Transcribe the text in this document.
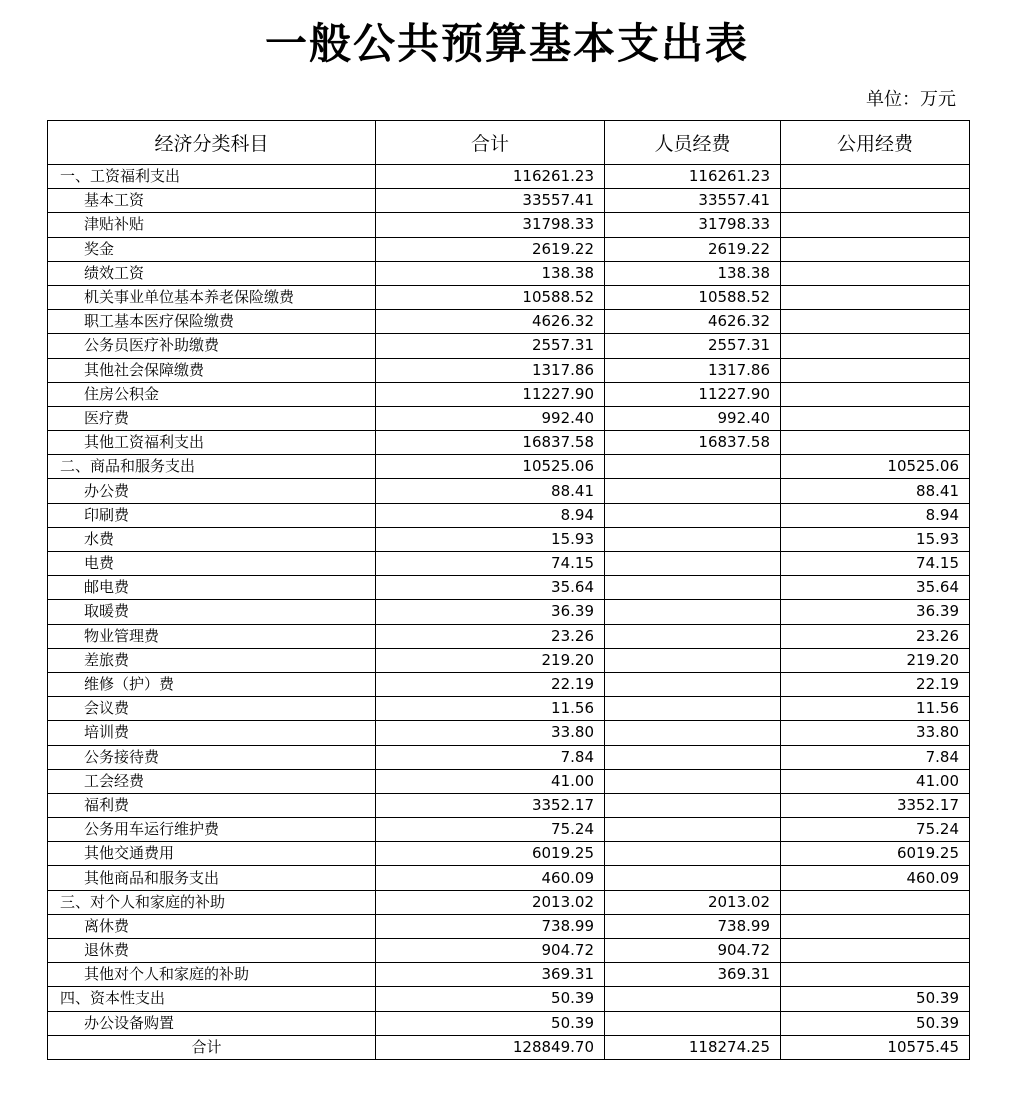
一般公共预算基本支出表
单位：万元
经济分类科目	合计	人员经费	公用经费
一、工资福利支出	116261.23	116261.23	
基本工资	33557.41	33557.41	
津贴补贴	31798.33	31798.33	
奖金	2619.22	2619.22	
绩效工资	138.38	138.38	
机关事业单位基本养老保险缴费	10588.52	10588.52	
职工基本医疗保险缴费	4626.32	4626.32	
公务员医疗补助缴费	2557.31	2557.31	
其他社会保障缴费	1317.86	1317.86	
住房公积金	11227.90	11227.90	
医疗费	992.40	992.40	
其他工资福利支出	16837.58	16837.58	
二、商品和服务支出	10525.06		10525.06
办公费	88.41		88.41
印刷费	8.94		8.94
水费	15.93		15.93
电费	74.15		74.15
邮电费	35.64		35.64
取暖费	36.39		36.39
物业管理费	23.26		23.26
差旅费	219.20		219.20
维修（护）费	22.19		22.19
会议费	11.56		11.56
培训费	33.80		33.80
公务接待费	7.84		7.84
工会经费	41.00		41.00
福利费	3352.17		3352.17
公务用车运行维护费	75.24		75.24
其他交通费用	6019.25		6019.25
其他商品和服务支出	460.09		460.09
三、对个人和家庭的补助	2013.02	2013.02	
离休费	738.99	738.99	
退休费	904.72	904.72	
其他对个人和家庭的补助	369.31	369.31	
四、资本性支出	50.39		50.39
办公设备购置	50.39		50.39
合计	128849.70	118274.25	10575.45
